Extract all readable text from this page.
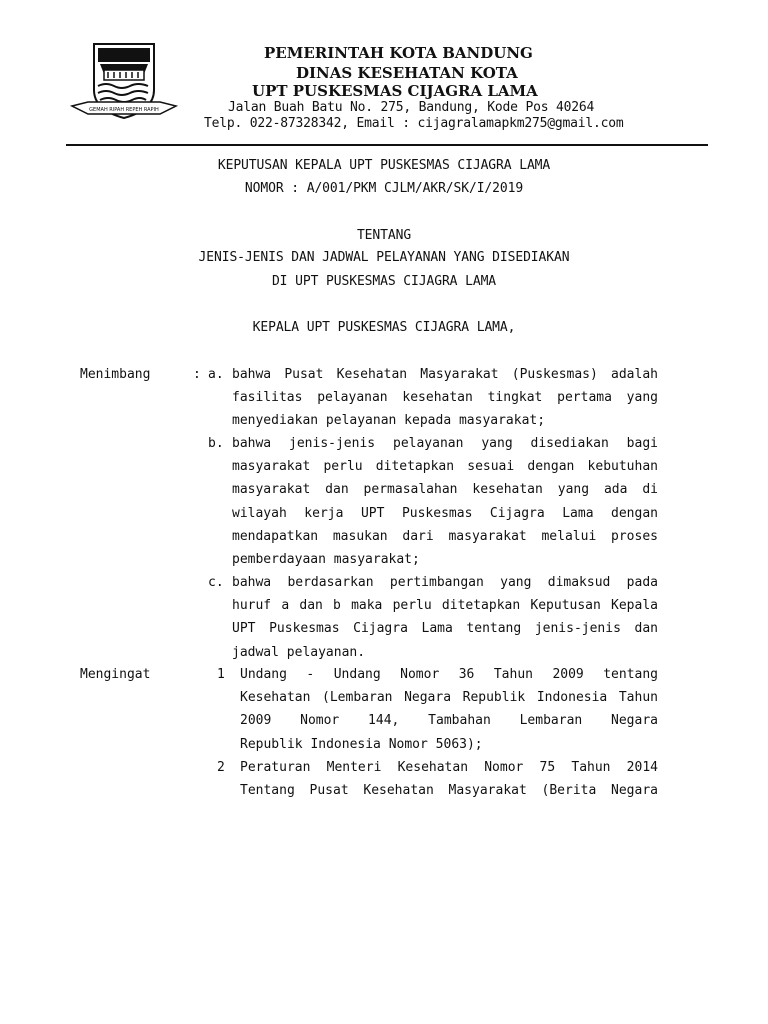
GEMAH RIPAH REPEH RAPIH
PEMERINTAH KOTA BANDUNG
DINAS KESEHATAN KOTA
UPT PUSKESMAS CIJAGRA LAMA
Jalan Buah Batu No. 275, Bandung, Kode Pos 40264
Telp. 022-87328342, Email : cijagralamapkm275@gmail.com
KEPUTUSAN KEPALA UPT PUSKESMAS CIJAGRA LAMA
NOMOR : A/001/PKM CJLM/AKR/SK/I/2019
TENTANG
JENIS-JENIS DAN JADWAL PELAYANAN YANG DISEDIAKAN
DI UPT PUSKESMAS CIJAGRA LAMA
KEPALA UPT PUSKESMAS CIJAGRA LAMA,
Menimbang	: a. bahwa Pusat Kesehatan Masyarakat (Puskesmas) adalah
fasilitas pelayanan kesehatan tingkat pertama yang
menyediakan pelayanan kepada masyarakat;
b. bahwa jenis-jenis pelayanan yang disediakan bagi
masyarakat perlu ditetapkan sesuai dengan kebutuhan
masyarakat dan permasalahan kesehatan yang ada di
wilayah kerja UPT Puskesmas Cijagra Lama dengan
mendapatkan masukan dari masyarakat melalui proses
pemberdayaan masyarakat;
c. bahwa berdasarkan pertimbangan yang dimaksud pada
huruf a dan b maka perlu ditetapkan Keputusan Kepala
UPT Puskesmas Cijagra Lama tentang jenis-jenis dan
jadwal pelayanan.
Mengingat	1 Undang - Undang Nomor 36 Tahun 2009 tentang
Kesehatan (Lembaran Negara Republik Indonesia Tahun
2009 Nomor 144, Tambahan Lembaran Negara
Republik Indonesia Nomor 5063);
2 Peraturan Menteri Kesehatan Nomor 75 Tahun 2014
Tentang Pusat Kesehatan Masyarakat (Berita Negara
